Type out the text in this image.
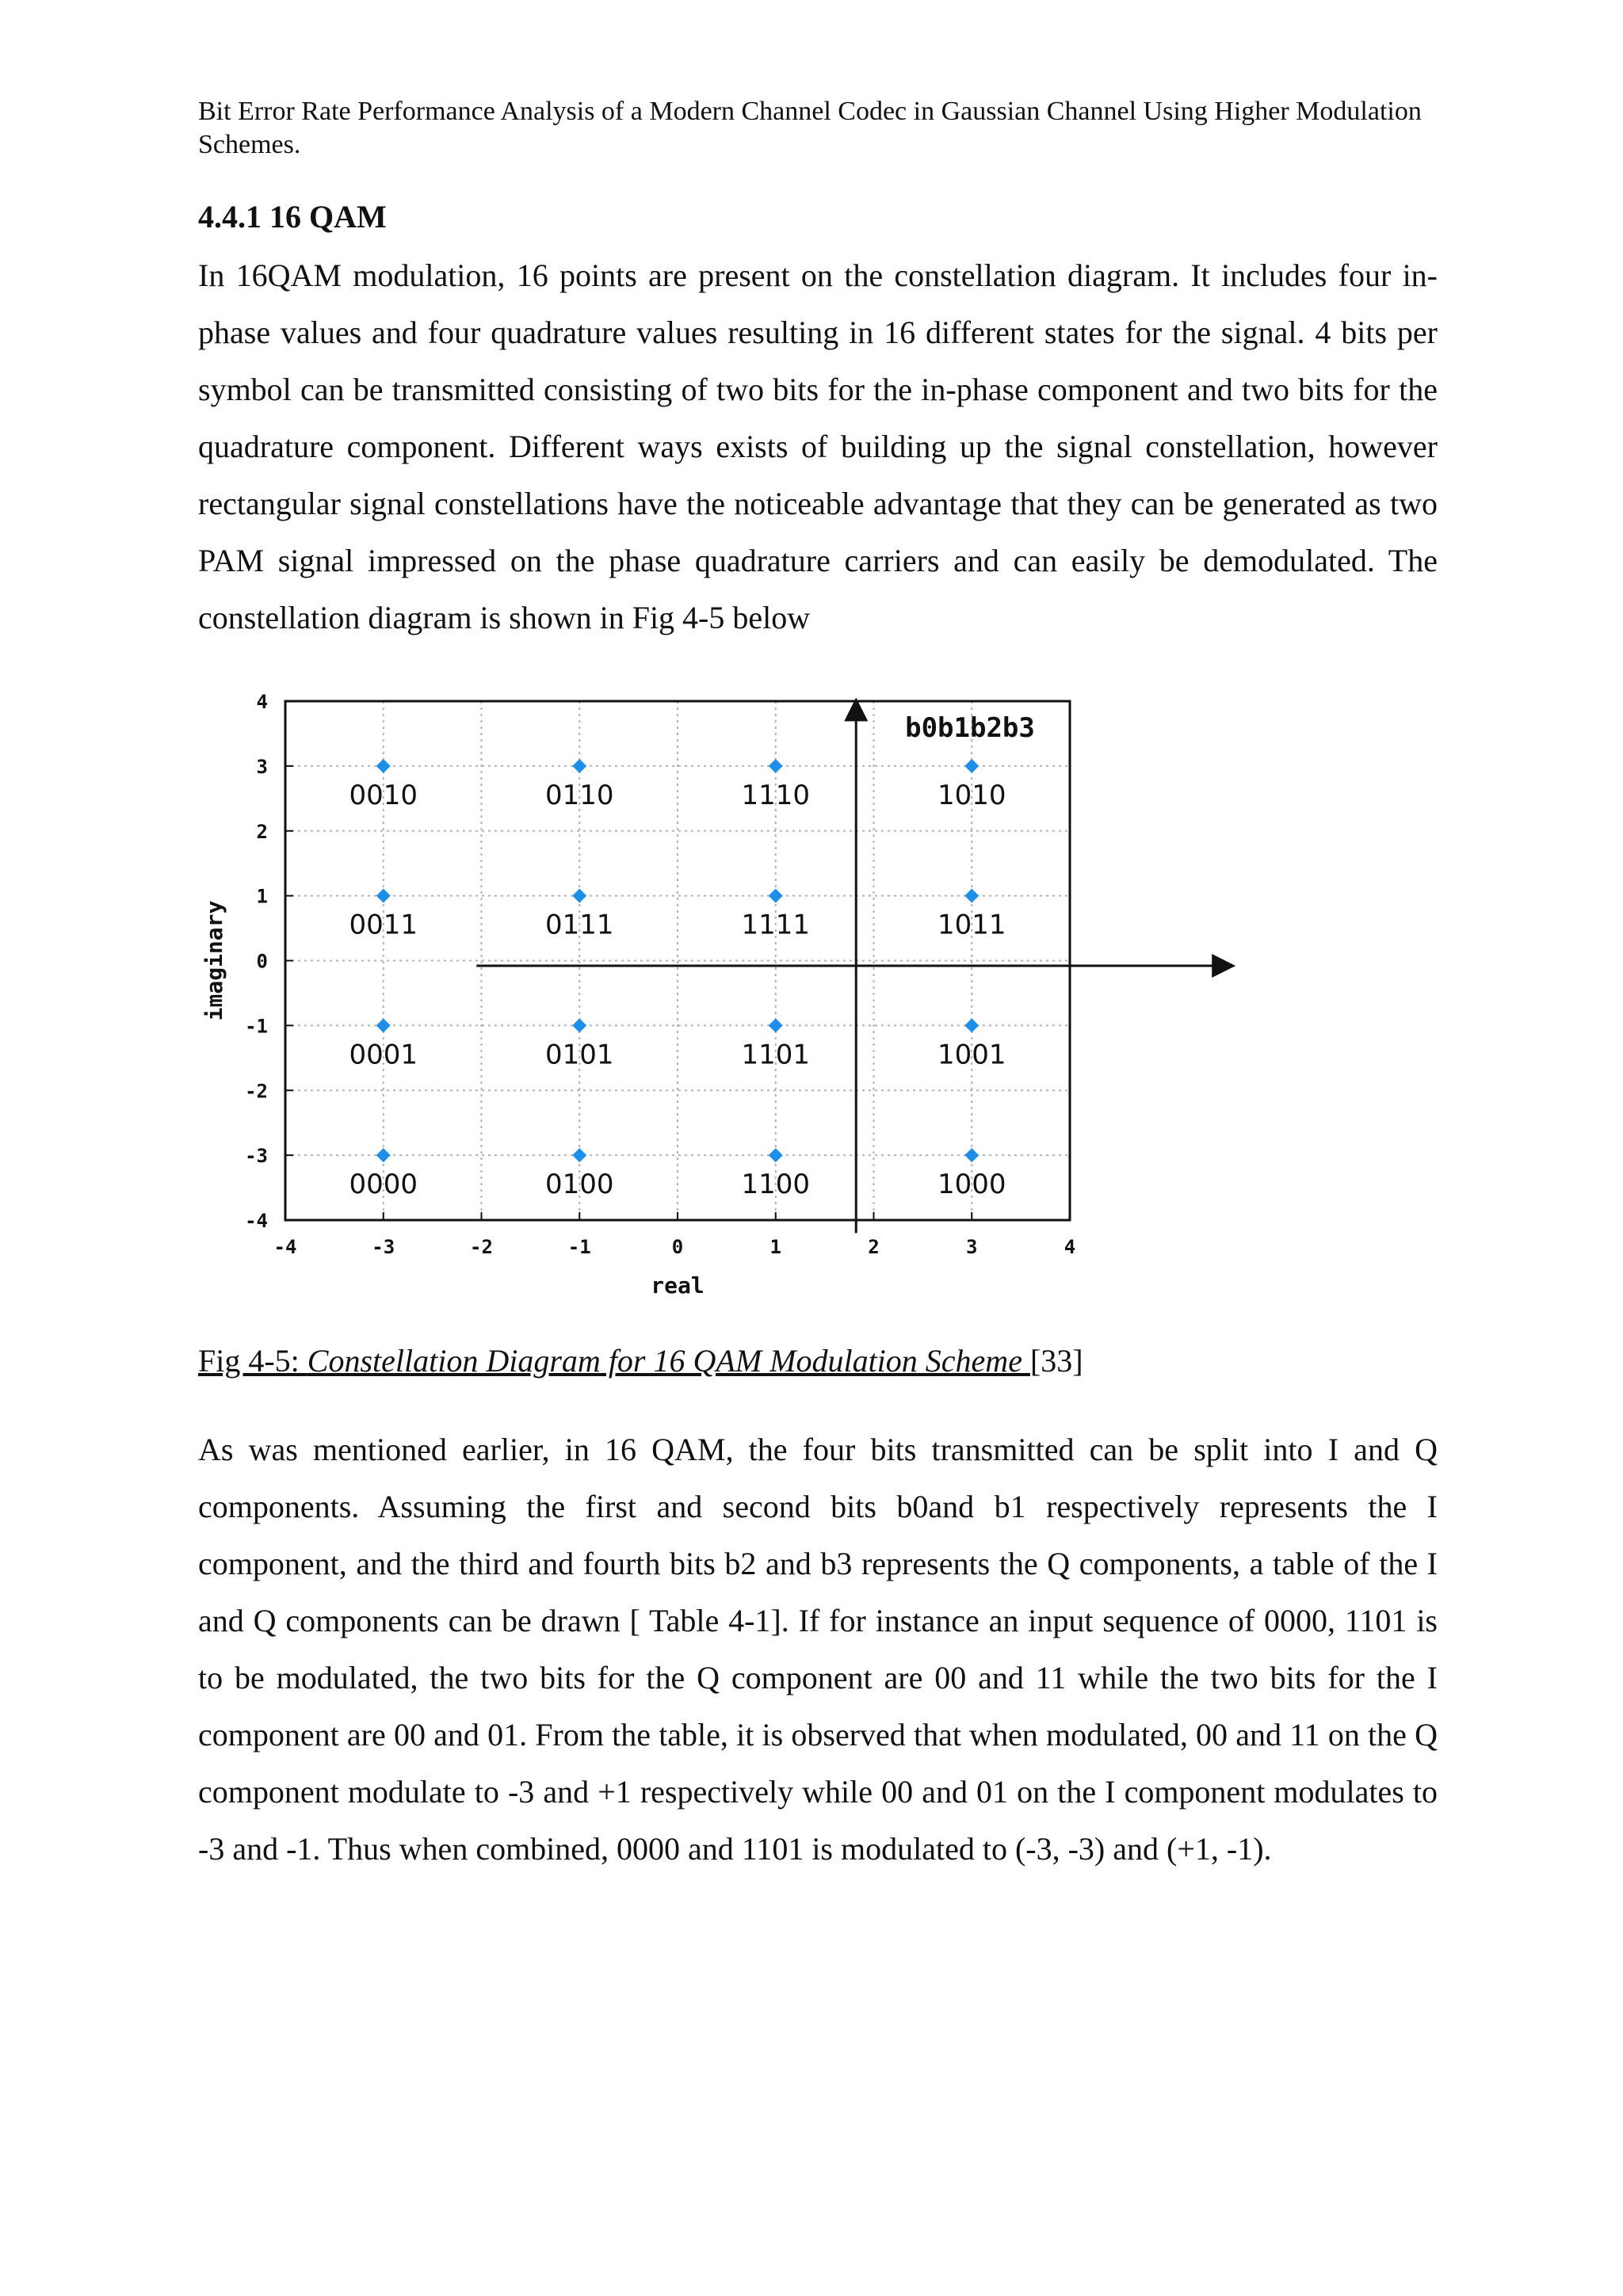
Bit Error Rate Performance Analysis of a Modern Channel Codec in Gaussian Channel Using Higher Modulation Schemes.
4.4.1 16 QAM

In 16QAM modulation, 16 points are present on the constellation diagram. It includes four in-phase values and four quadrature values resulting in 16 different states for the signal. 4 bits per symbol can be transmitted consisting of two bits for the in-phase component and two bits for the quadrature component. Different ways exists of building up the signal constellation, however rectangular signal constellations have the noticeable advantage that they can be generated as two PAM signal impressed on the phase quadrature carriers and can easily be demodulated. The constellation diagram is shown in Fig 4-5 below

-4	-3	-2	-1	0	1	2	3	4
4
3
2
1
0
-1
-2
-3
-4
0010	0110	1110	1010
0011	0111	1111	1011
0001	0101	1101	1001
0000	0100	1100	1000
b0b1b2b3
real
imaginary
Fig 4-5: Constellation Diagram for 16 QAM Modulation Scheme [33]

As was mentioned earlier, in 16 QAM, the four bits transmitted can be split into I and Q components. Assuming the first and second bits b0and b1 respectively represents the I component, and the third and fourth bits b2 and b3 represents the Q components, a table of the I and Q components can be drawn [ Table 4-1]. If for instance an input sequence of 0000, 1101 is to be modulated, the two bits for the Q component are 00 and 11 while the two bits for the I component are 00 and 01. From the table, it is observed that when modulated, 00 and 11 on the Q component modulate to -3 and +1 respectively while 00 and 01 on the I component modulates to -3 and -1. Thus when combined, 0000 and 1101 is modulated to (-3, -3) and (+1, -1).
